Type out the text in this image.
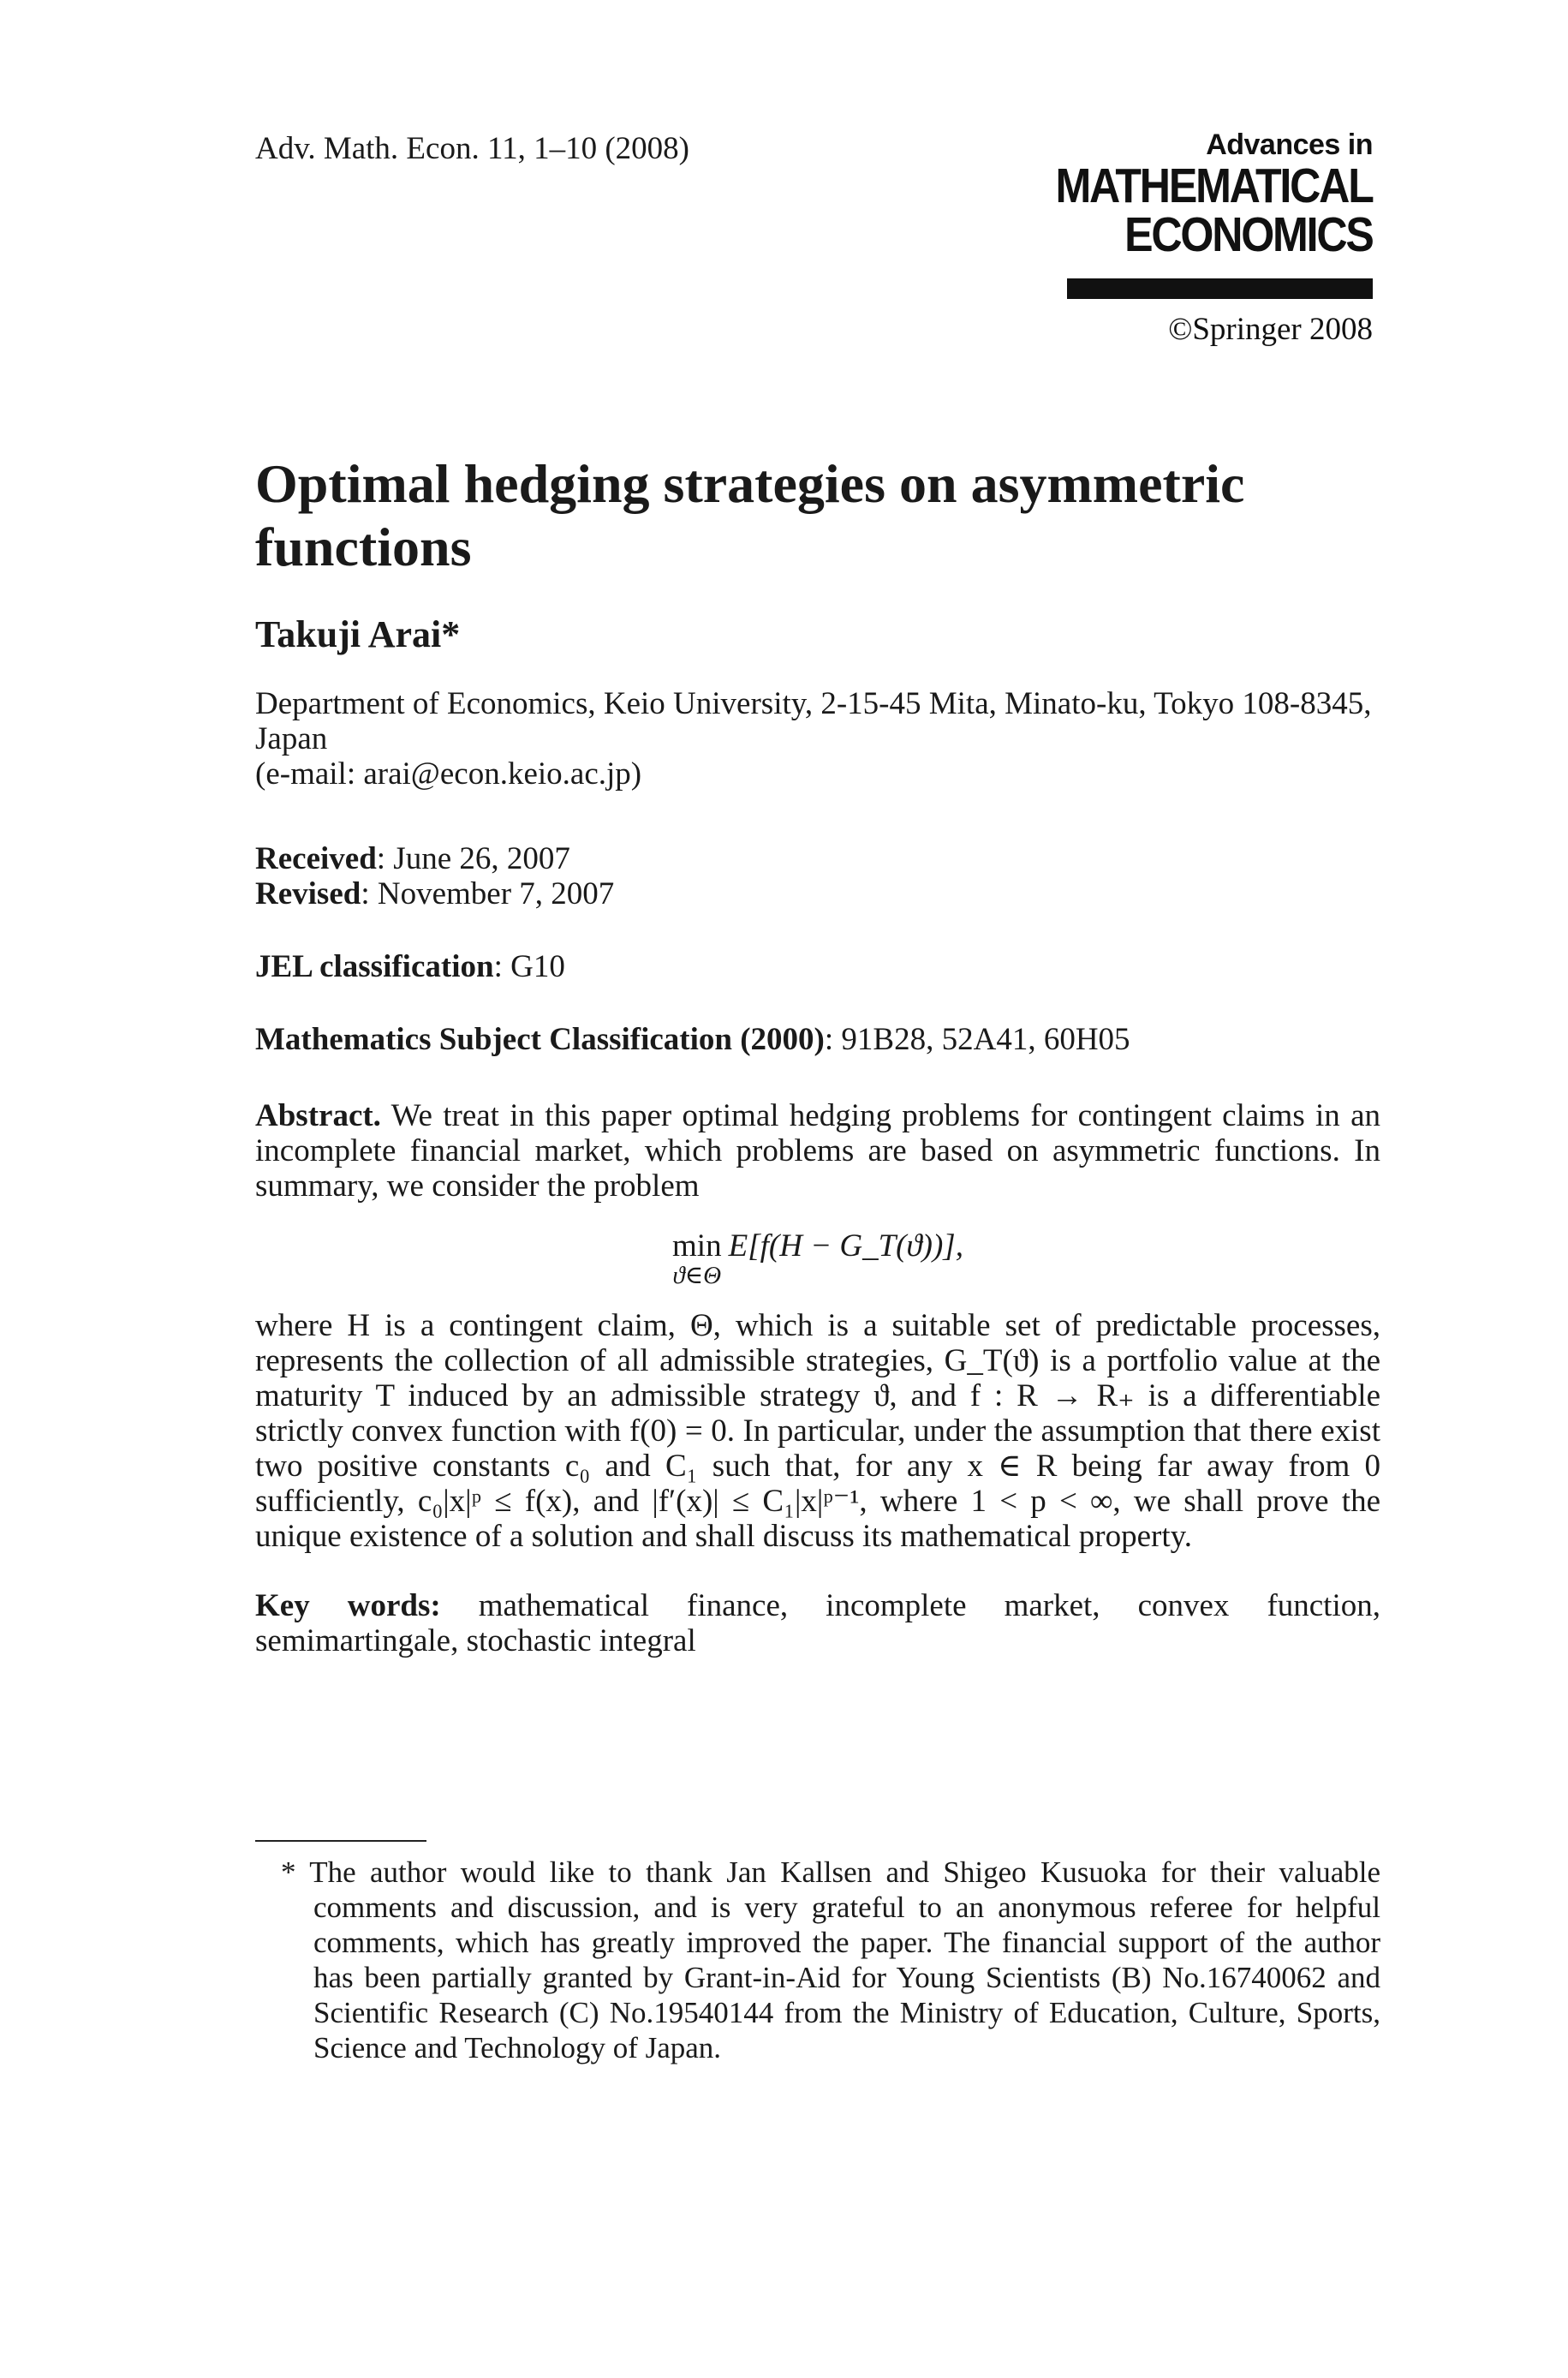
Adv. Math. Econ. 11, 1–10 (2008)	Advances in
MATHEMATICAL
ECONOMICS
©Springer 2008
Optimal hedging strategies on asymmetric functions
Takuji Arai*
Department of Economics, Keio University, 2-15-45 Mita, Minato-ku, Tokyo 108-8345, Japan
(e-mail: arai@econ.keio.ac.jp)
Received: June 26, 2007
Revised: November 7, 2007
JEL classification: G10
Mathematics Subject Classification (2000): 91B28, 52A41, 60H05
Abstract. We treat in this paper optimal hedging problems for contingent claims in an incomplete financial market, which problems are based on asymmetric functions. In summary, we consider the problem
min
ϑ∈Θ
E[f(H − G_T(ϑ))],
where H is a contingent claim, Θ, which is a suitable set of predictable processes, represents the collection of all admissible strategies, G_T(ϑ) is a portfolio value at the maturity T induced by an admissible strategy ϑ, and f : R → R₊ is a differentiable strictly convex function with f(0) = 0. In particular, under the assumption that there exist two positive constants c₀ and C₁ such that, for any x ∈ R being far away from 0 sufficiently, c₀|x|ᵖ ≤ f(x), and |f′(x)| ≤ C₁|x|ᵖ⁻¹, where 1 < p < ∞, we shall prove the unique existence of a solution and shall discuss its mathematical property.
Key words: mathematical finance, incomplete market, convex function, semimartingale, stochastic integral
* The author would like to thank Jan Kallsen and Shigeo Kusuoka for their valuable comments and discussion, and is very grateful to an anonymous referee for helpful comments, which has greatly improved the paper. The financial support of the author has been partially granted by Grant-in-Aid for Young Scientists (B) No.16740062 and Scientific Research (C) No.19540144 from the Ministry of Education, Culture, Sports, Science and Technology of Japan.
